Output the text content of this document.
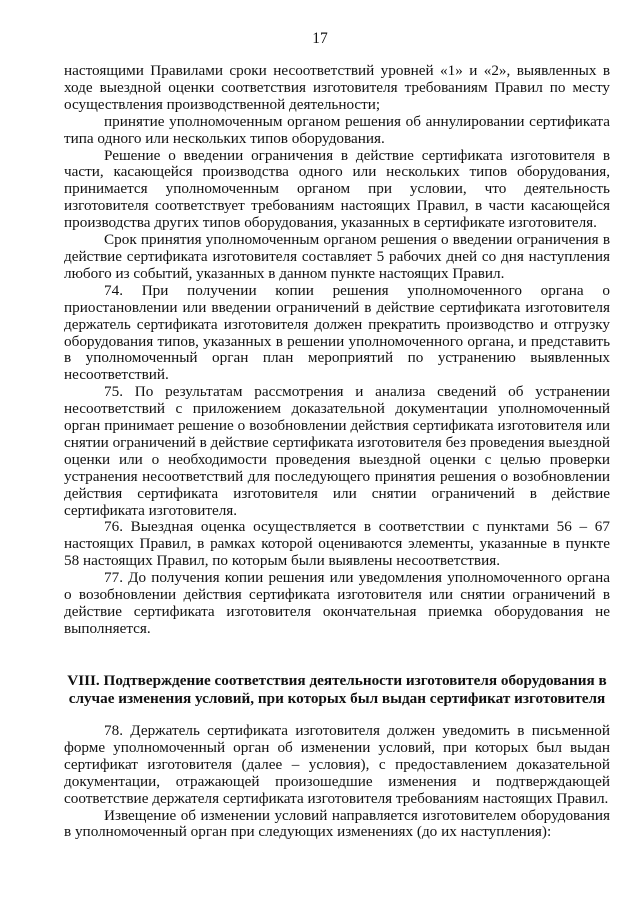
17

настоящими Правилами сроки несоответствий уровней «1» и «2», выявленных в ходе выездной оценки соответствия изготовителя требованиям Правил по месту осуществления производственной деятельности;

принятие уполномоченным органом решения об аннулировании сертификата типа одного или нескольких типов оборудования.

Решение о введении ограничения в действие сертификата изготовителя в части, касающейся производства одного или нескольких типов оборудования, принимается уполномоченным органом при условии, что деятельность изготовителя соответствует требованиям настоящих Правил, в части касающейся производства других типов оборудования, указанных в сертификате изготовителя.

Срок принятия уполномоченным органом решения о введении ограничения в действие сертификата изготовителя составляет 5 рабочих дней со дня наступления любого из событий, указанных в данном пункте настоящих Правил.

74. При получении копии решения уполномоченного органа о приостановлении или введении ограничений в действие сертификата изготовителя держатель сертификата изготовителя должен прекратить производство и отгрузку оборудования типов, указанных в решении уполномоченного органа, и представить в уполномоченный орган план мероприятий по устранению выявленных несоответствий.

75. По результатам рассмотрения и анализа сведений об устранении несоответствий с приложением доказательной документации уполномоченный орган принимает решение о возобновлении действия сертификата изготовителя или снятии ограничений в действие сертификата изготовителя без проведения выездной оценки или о необходимости проведения выездной оценки с целью проверки устранения несоответствий для последующего принятия решения о возобновлении действия сертификата изготовителя или снятии ограничений в действие сертификата изготовителя.

76. Выездная оценка осуществляется в соответствии с пунктами 56 – 67 настоящих Правил, в рамках которой оцениваются элементы, указанные в пункте 58 настоящих Правил, по которым были выявлены несоответствия.

77. До получения копии решения или уведомления уполномоченного органа о возобновлении действия сертификата изготовителя или снятии ограничений в действие сертификата изготовителя окончательная приемка оборудования не выполняется.

VIII. Подтверждение соответствия деятельности изготовителя оборудования в случае изменения условий, при которых был выдан сертификат изготовителя

78. Держатель сертификата изготовителя должен уведомить в письменной форме уполномоченный орган об изменении условий, при которых был выдан сертификат изготовителя (далее – условия), с предоставлением доказательной документации, отражающей произошедшие изменения и подтверждающей соответствие держателя сертификата изготовителя требованиям настоящих Правил.

Извещение об изменении условий направляется изготовителем оборудования в уполномоченный орган при следующих изменениях (до их наступления):
